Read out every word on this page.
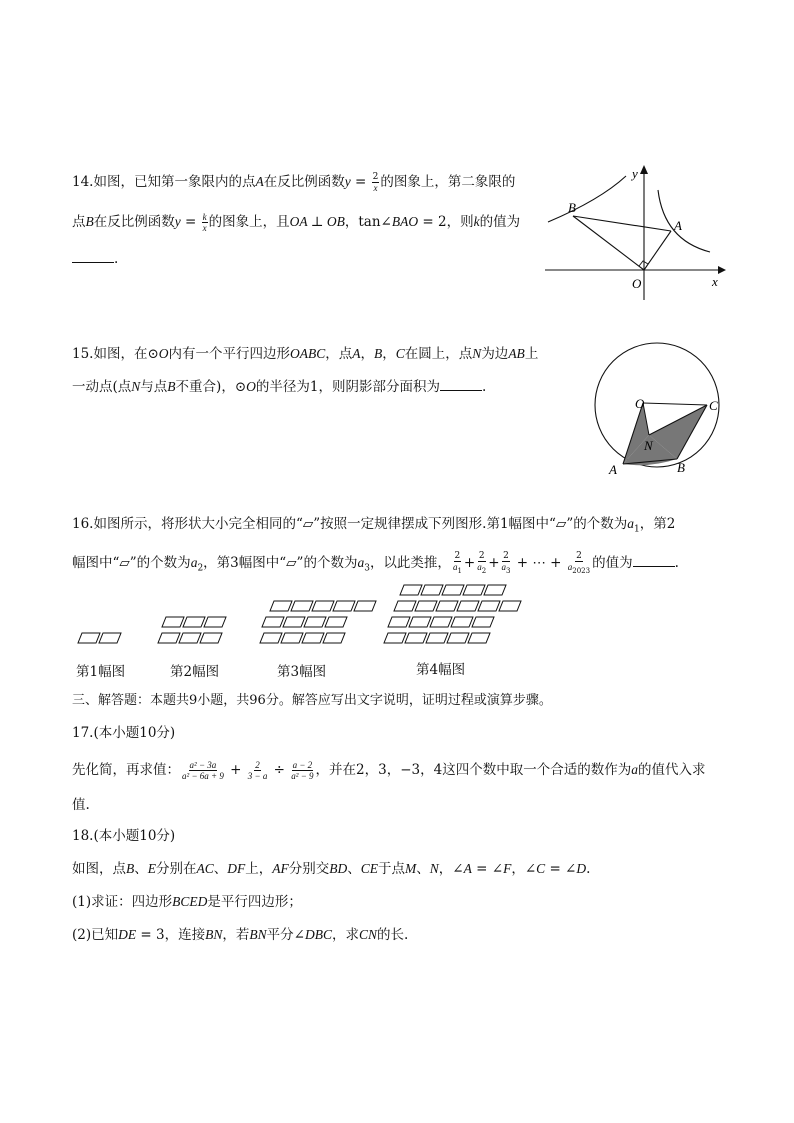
14.如图，已知第一象限内的点A在反比例函数$y = \frac{2}{x}$ 的图象上，第二象限的
点B在反比例函数$y = \frac{k}{x}$ 的图象上，且OA ⊥ OB，tan∠BAO = 2，则k的值为
.
y
x
B
A
O
15.如图，在⊙O内有一个平行四边形OABC，点A，B，C在圆上，点N为边AB上
一动点(点N与点B不重合)，⊙O的半径为1，则阴影部分面积为	.
O	C
N
A	B
16.如图所示，将形状大小完全相同的“▱”按照一定规律摆成下列图形.第1幅图中“▱”的个数为$a_1$，第2
幅图中“▱”的个数为$a_2$，第3幅图中“▱”的个数为$a_3$，以此类推， $\frac{2}{a_1} + \frac{2}{a_2} + \frac{2}{a_3}$ + ⋯ + $\frac{2}{a_{2023}}$ 的值为	.
第1幅图	第2幅图	第3幅图	第4幅图
三、解答题：本题共9小题，共96分。解答应写出文字说明，证明过程或演算步骤。
17.(本小题10分)
先化简，再求值： $\frac{\text{a² − 3a}}{\text{a² − 6a + 9}} + \frac{2}{3 - a} \div \frac{a - 2}{\text{a² − 9}}$ ，并在2，3，−3，4这四个数中取一个合适的数作为a的值代入求
值.
18.(本小题10分)
如图，点B、E分别在AC、DF上，AF分别交BD、CE于点M、N，∠A = ∠F，∠C = ∠D.
(1)求证：四边形BCED是平行四边形；
(2)已知DE = 3，连接BN，若BN平分∠DBC，求CN的长.
